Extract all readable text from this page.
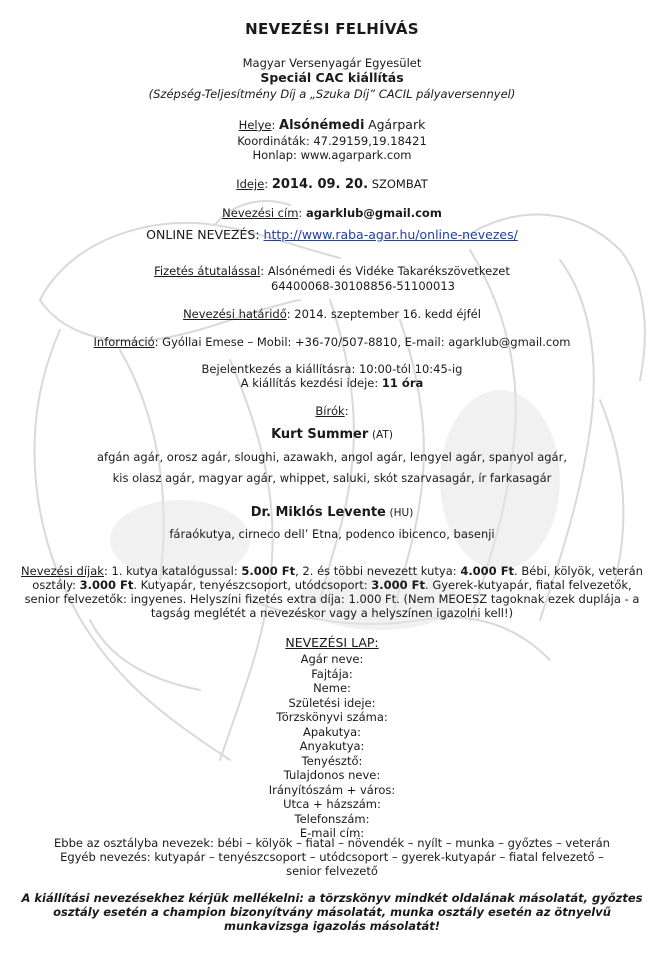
NEVEZÉSI FELHÍVÁS
Magyar Versenyagár Egyesület
Speciál CAC kiállítás
(Szépség-Teljesítmény Díj a „Szuka Díj” CACIL pályaversennyel)
Helye: Alsónémedi Agárpark
Koordináták: 47.29159,19.18421
Honlap: www.agarpark.com
Ideje: 2014. 09. 20. SZOMBAT
Nevezési cím: agarklub@gmail.com
ONLINE NEVEZÉS: http://www.raba-agar.hu/online-nevezes/
Fizetés átutalással: Alsónémedi és Vidéke Takarékszövetkezet
64400068-30108856-51100013
Nevezési határidő: 2014. szeptember 16. kedd éjfél
Információ: Gyóllai Emese – Mobil: +36-70/507-8810, E-mail: agarklub@gmail.com
Bejelentkezés a kiállításra: 10:00-tól 10:45-ig
A kiállítás kezdési ideje: 11 óra
Bírók:
Kurt Summer (AT)
afgán agár, orosz agár, sloughi, azawakh, angol agár, lengyel agár, spanyol agár,
kis olasz agár, magyar agár, whippet, saluki, skót szarvasagár, ír farkasagár
Dr. Miklós Levente (HU)
fáraókutya, cirneco dell’ Etna, podenco ibicenco, basenji
Nevezési díjak: 1. kutya katalógussal: 5.000 Ft, 2. és többi nevezett kutya: 4.000 Ft. Bébi, kölyök, veterán osztály: 3.000 Ft. Kutyapár, tenyészcsoport, utódcsoport: 3.000 Ft. Gyerek-kutyapár, fiatal felvezetők, senior felvezetők: ingyenes. Helyszíni fizetés extra díja: 1.000 Ft. (Nem MEOESZ tagoknak ezek duplája - a tagság meglétét a nevezéskor vagy a helyszínen igazolni kell!)
NEVEZÉSI LAP:
Agár neve:
Fajtája:
Neme:
Születési ideje:
Törzskönyvi száma:
Apakutya:
Anyakutya:
Tenyésztő:
Tulajdonos neve:
Irányítószám + város:
Utca + házszám:
Telefonszám:
E-mail cím:
Ebbe az osztályba nevezek: bébi – kölyök – fiatal – növendék – nyílt – munka – győztes – veterán
Egyéb nevezés: kutyapár – tenyészcsoport – utódcsoport – gyerek-kutyapár – fiatal felvezető –
senior felvezető
A kiállítási nevezésekhez kérjük mellékelni: a törzskönyv mindkét oldalának másolatát, győztes osztály esetén a champion bizonyítvány másolatát, munka osztály esetén az ötnyelvű munkavizsga igazolás másolatát!
